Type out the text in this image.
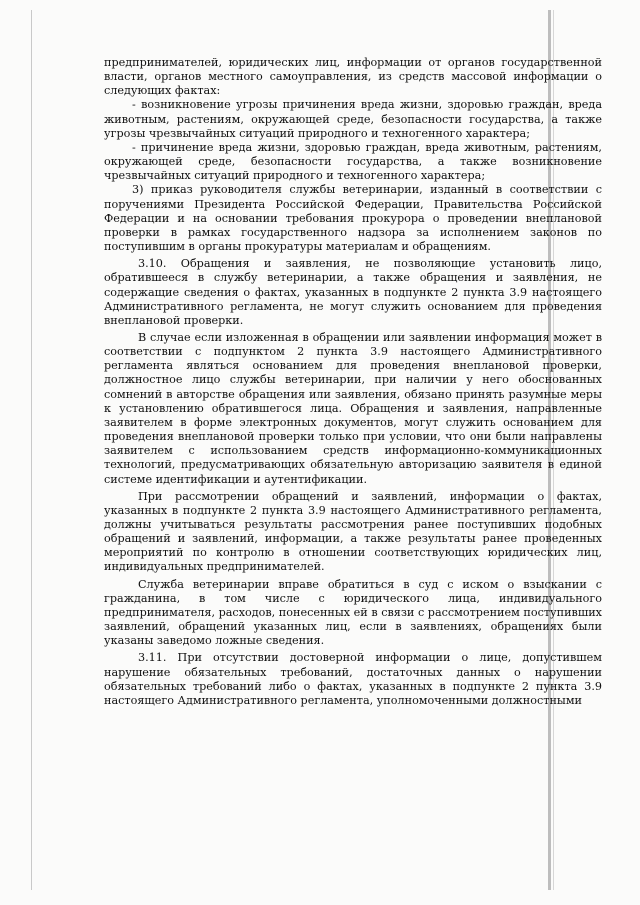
предпринимателей, юридических лиц, информации от органов государственной власти, органов местного самоуправления, из средств массовой информации о следующих фактах:

- возникновение угрозы причинения вреда жизни, здоровью граждан, вреда животным, растениям, окружающей среде, безопасности государства, а также угрозы чрезвычайных ситуаций природного и техногенного характера;

- причинение вреда жизни, здоровью граждан, вреда животным, растениям, окружающей среде, безопасности государства, а также возникновение чрезвычайных ситуаций природного и техногенного характера;

3) приказ руководителя службы ветеринарии, изданный в соответствии с поручениями Президента Российской Федерации, Правительства Российской Федерации и на основании требования прокурора о проведении внеплановой проверки в рамках государственного надзора за исполнением законов по поступившим в органы прокуратуры материалам и обращениям.

3.10. Обращения и заявления, не позволяющие установить лицо, обратившееся в службу ветеринарии, а также обращения и заявления, не содержащие сведения о фактах, указанных в подпункте 2 пункта 3.9 настоящего Административного регламента, не могут служить основанием для проведения внеплановой проверки.

В случае если изложенная в обращении или заявлении информация может в соответствии с подпунктом 2 пункта 3.9 настоящего Административного регламента являться основанием для проведения внеплановой проверки, должностное лицо службы ветеринарии, при наличии у него обоснованных сомнений в авторстве обращения или заявления, обязано принять разумные меры к установлению обратившегося лица. Обращения и заявления, направленные заявителем в форме электронных документов, могут служить основанием для проведения внеплановой проверки только при условии, что они были направлены заявителем с использованием средств информационно-коммуникационных технологий, предусматривающих обязательную авторизацию заявителя в единой системе идентификации и аутентификации.

При рассмотрении обращений и заявлений, информации о фактах, указанных в подпункте 2 пункта 3.9 настоящего Административного регламента, должны учитываться результаты рассмотрения ранее поступивших подобных обращений и заявлений, информации, а также результаты ранее проведенных мероприятий по контролю в отношении соответствующих юридических лиц, индивидуальных предпринимателей.

Служба ветеринарии вправе обратиться в суд с иском о взыскании с гражданина, в том числе с юридического лица, индивидуального предпринимателя, расходов, понесенных ей в связи с рассмотрением поступивших заявлений, обращений указанных лиц, если в заявлениях, обращениях были указаны заведомо ложные сведения.

3.11. При отсутствии достоверной информации о лице, допустившем нарушение обязательных требований, достаточных данных о нарушении обязательных требований либо о фактах, указанных в подпункте 2 пункта 3.9 настоящего Административного регламента, уполномоченными должностными
